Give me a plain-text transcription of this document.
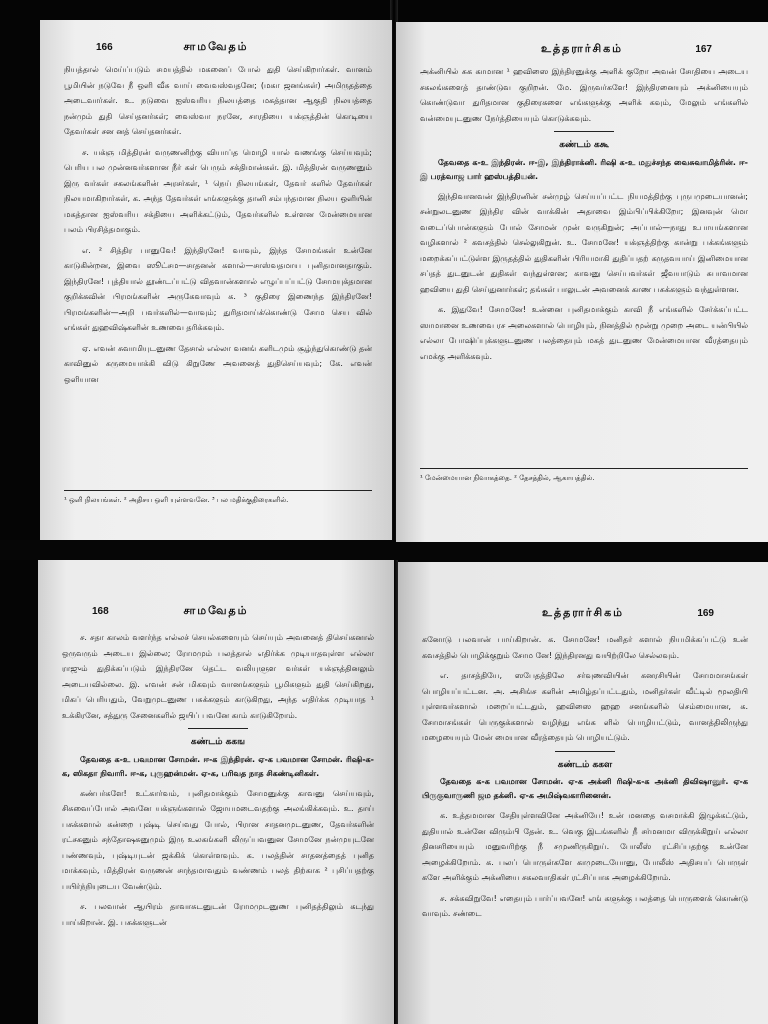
166	சாமவேதம்

நியத்தால் மெய்ப்படும் சமயத்தில் மகனைப் போல் துதி செய்கிறார்கள். வானம் பூமியின் நடுவே நீ ஒளி வீசு வாய் வைவஸ்வதனே; (மகா ஜனங்கள்) அமிருதத்தை அடைவார்கள். உ. நடுவை ஐஸ்வரிய நிலயத்தை மகத்தான ஆகுதி நிலயத்தை நன்மும் துதி செய்தனர்கள்; வைஸ்வா நரனே, சாரதியை யக்ஞத்தின் கொடியை தேவர்கள் சன னத் செய்தனர்கள்.

ச. யக்ஞ மித்திரன் வருணனிற்கு வியாப்த மொழி யால் வணங்கு செய்யவும்; பெரிய பல முன்னவர்களான நீர் கள் பெரும் சக்திமான்கள். இ. மித்திரன் வருணனும் இரு வர்கள் சகலங்களின் அரசர்கள், ¹ நெய் நிலயங்கள், தேவர் களில் தேவர்கள் நிலயமாகிறார்கள், க. அந்த தேவர்கள் எங்களுக்கு தானி சம்பந்தமான நிலய ஒளியின் மகத்தான ஐஸ்வரிய சக்தியை அளிக்கட்டும், தேவர்களில் உள்ளன மேன்மையான பலம் பிரசித்தமாகும்.

எ. ² சித்திர பானுவே! இந்திரனே! வாவும், இந்த சோமங்கள் உன்னே காடுகின்றன, இவை ஸூட்சம—சாதனன் களால்—சாஸ்வதமாய புனிதமானதாகும். இந்திரனே! புத்தியால் தூண்டப்பட்டு விதவான்களால் எழுப்பப்பட்டு சோமயுக்தமான குறிக்கவின் பிரமங்களின் அருகேவாவும் க. ³ குதிரை இணைந்த இந்திரனே! பிரமங்களின்—அறி பவர்களில்—வாவும்; துரிதமாய்க்கொண்டு சோம செய வில் எங்கள் துஹவிஷ்களின் உணவை தரிக்கவும்.

ஏ. எவன் சுவாமியுடனுண தேசால் எல்லா வனங் களிடமும் சூழ்ந்துகொண்டு தன் காவினுல் கருமையாக்கி விடு கிறுணே அவனைத் துதிசெய்யவும்; கே. எவன் ஒளியான

¹ ஒளி நிலயங்கள். ² அதிசய ஒளி யுள்ளவனே. ³ பல மதிக்குதிரைகளில்.
உத்தரார்சிகம்	167

அக்னியில் சுக காமான ¹ ஹவிஸை இந்திரனுக்கு அளிக் குறோ அவன் சோதியை அடைய சகலங்களைத் தாண்டுவ குறிறன். மே. இருவர்களே! இந்திரனையும் அக்னியையும் கொண்டுவா துரிதமான குதிரைகளை எங்களுக்கு அளிக் கவும், மேலும் எங்களில் வன்மையுடனுண நேர்த்தியையும் கொடுக்கவும்.

கண்டம் ககூ

தேவதை க-உ இந்திரன். ஈ-இ, இந்திராக்னி. ரிஷி க-உ மதுச்சந்த வைசுவாமித்ரின். ஈ-இ பரத்வாஜ பார் ஹஸ்பத்தியன்.

இந்திவானவன் இந்திரனின் சன்முழ் செய்யப்பட்ட நியமத்திற்கு புருபமுடையானன்; சன்றுலடனுண இந்திர வின் வாக்கின் அதாவை இம்பிப்பிக்கிறோ; இனவுன் மொ வடைப்பொன்களும் போல் சோமன் முன் வருகிறுன்; அப்பால்—நாது உபாயங்களான வழிகளால் ² கவசத்தில் செல்லுகிறுன். உ. சோமனே! யக்ஞத்திற்கு கான்று பக்கங்களும் மறைக்கப்பட்டுள்ள இருதத்தில் துதிகளின் பிரியமாகி துதிப்பதற் கருதவயாய் இனிமையான சப்தத் துடனுடன் துதிகள் வந்துள்ளன; காவனு செய்பவர்கள் ஜீவயாடும் சுபாவமான ஹவியை துதி செய்துனார்கள்; தங்கள் பாலுடன் அவனைக் காண பசுக்களும் வந்துள்ளன.

க. இதுவே! சோமனே! உன்னை புனிதமாக்கும் காவி நீ எங்களில் சேர்க்கப்பட்ட ஸாமானை உணவை ரச அலைகளால் பொழியும், நினத்தில் மூன்று முறை அடை யன்பியில் எல்லா போஷிப்புக்களுடனுண பலத்தையும் மகத் துடனுண மேன்மையான வீரத்தையும் எமக்கு அளிக்கவும்.

¹ மேன்மையான நிவாகத்தை. ² தேசத்தில், ஆகாயத்தில்.
168	சாமவேதம்

ச. சதா காலம் வளர்ந்த எல்லச் செயல்களையும் செய்யும் அவனைத் திசெய்கனால் ஒருவரும் அடைய இல்லை; ரோமமும் பலத்தால் எதிர்க்க முடியாதவுள்ள எல்லா ராஜும் துதிக்கப்படும் இந்திரனே தெட்ட வலியுளுள வர்கள் யக்ஞத்தினலும் அடையவில்லை. இ. எவன் சன் மிகவும் வானங்களும் பூமிகளும் துதி செய்கிறது, மிகப் பெரியதும், வேறுமுடனுண பசுக்களும் காடுகிறது, அந்த எதிர்க்க முடியாத ¹ உக்கிரனே, சத்துரு சேனைகளில் ஜயிப் பவனே காம் காடுகிறோம்.

கண்டம் ககங

தேவதை க-உ பவமான சோமன். ஈ-க இந்திரன். ஏ-க பவமான சோமன். ரிஷி-க-க, ஸிகதா நிவாரி. ஈ-க, புருஹன்மன். ஏ-க, பரிவத நாத சிகண்டினிகள்.

கண்பர்களே! உட்கார்வம், புனிதமாக்கும் சோமனுக்கு காவனு செய்யவும், சிசுவைப்போல் அவனே யக்ஞங்களால் ஜோயமடைவதற்கு அலங்கிக்கவும். உ. தாய் பசுக்களால் கன்றை புஷ்டி செய்வது போல், பிரான சாதனமுடனுண, தேவர்களின் ரட்சகனும் சந்தோஷகனுமும் இரு உலகங்களி லிருப்பவனுன சோமனே நன்முயுடனே பண்ணவும், புஷ்டியுடன் ஜக்கிக் கொள்ளவும். க. பலத்தின் சாதனத்தைத் புனித மாக்கவும், மித்திரன் வருணன் சாந்தமாவதும் வண்ணம் பலத் திற்காக ² புசிப்பதற்கு பயிர்ந்நியுடைய வேண்டும்.

ச. பலவான் ஆயிரம் தாவாசுடனுடன் ரோமமுடனுண புனிதத்திலும் கடந்து பாய்கிறான். இ. பசுக்களுடன்

உத்தரார்சிகம்	169

கனோடு பலவான் பாய்கிறான். க. சோமனே! மனிதர் களால் நியமிக்கப்பட்டு உன் கவசத்தில் பொழிக்குறும் சோம னே! இந்திரனது வயிற்றிலே செல்லவும்.

எ. தாசத்தியே, ஸபேதத்திலே சர்வுணவியின் கனரசியின் சோமமாசங்கள் பொழியப்பட்டன. அ. அசிங்ச களின் அமிழ்தப்பட்டதும், மனிதர்கள் வீட்டில் மூலதியி புள்ளவர்களால் மறைப்பட்டதும், ஹவிஸை ஹஹ சனங்களில் செம்மையான, க. சோமாசங்கள் பெருகுக்களால் வழிந்து எங்க ளில் பொழியட்டும், வானத்திலிருந்து மழையையும் மேன் மையான வீரத்தையும் பொழியட்டும்.

கண்டம் ககள

தேவதை க-க பவமான சோமன். ஏ-க அக்னி ரிஷி-க-க அக்னி திவிஷானுர். ஏ-க பிருகுவாருணி ஜம தக்னி. ஏ-க அமிஷ்வகாரினைன்.

க. உத்தமமான சேதியுள்ளவினே அக்னியே! உன் மனதை வசமாக்கி இழுக்கட்டும், துதியால் உன்னே விரும்பி தேன். உ. வெகு இடங்களில் நீ சர்மனமா விருக்கிறுய் எல்லா தினசரியையும் மனுவரிற்கு நீ சமுணிருகிறுய். போலீஸ் ரட்சிப்பதற்கு உன்னே அழைக்கிறோம். க. பலப் பொருள்களே காமுடையோனு, போலீஸ் அதிசயப் பொருள் களே அளிக்கும் அக்னியை சகலவாதிகள் ரட்சிப்பாக அழைக்கிறோம்.

ச. சக்கவிறுவே! எதையும் பார்ப்பவனே! எங் களுக்கு பலத்தை பொருளைக் கொண்டு வாவும். சண்டை
